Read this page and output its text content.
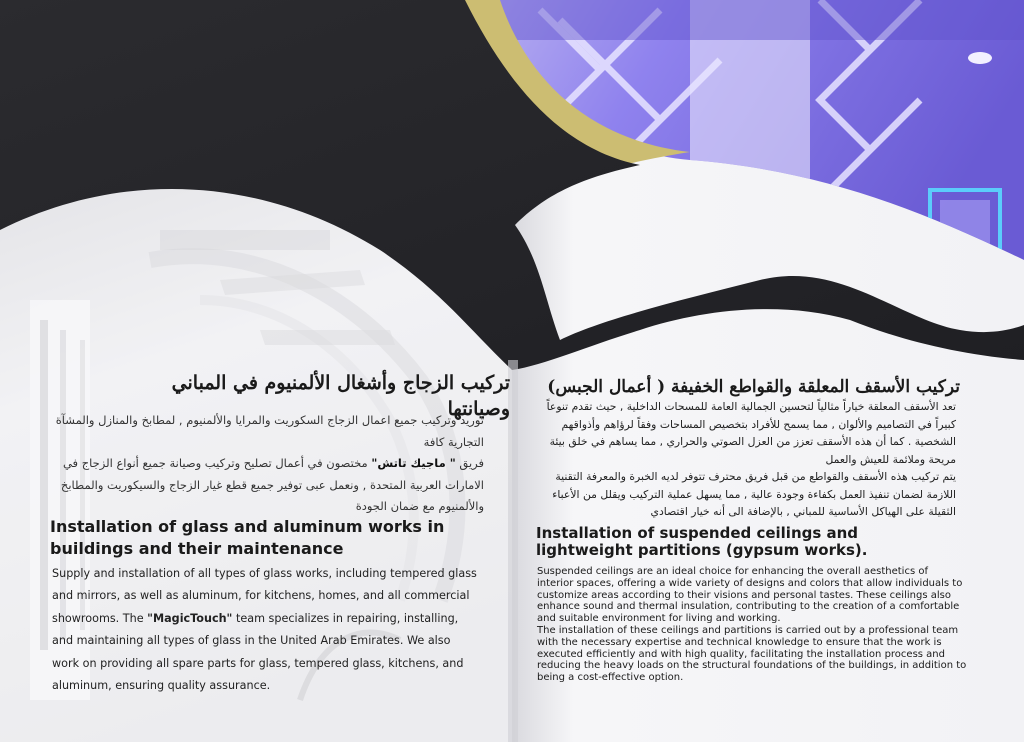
تركيب الزجاج وأشغال الألمنيوم في المباني وصيانتها

توريد وتركيب جميع اعمال الزجاج السكوريت والمرايا والألمنيوم , لمطابخ والمنازل والمشآة التجارية كافة

فريق " ماجيك تاتش" مختصون في أعمال تصليح وتركيب وصيانة جميع أنواع الزجاج في الامارات العربية المتحدة , ونعمل عبى توفير جميع قطع غيار الزجاج والسيكوريت والمطابخ والألمنيوم مع ضمان الجودة

Installation of glass and aluminum works in buildings and their maintenance

Supply and installation of all types of glass works, including tempered glass and mirrors, as well as aluminum, for kitchens, homes, and all commercial showrooms. The "MagicTouch" team specializes in repairing, installing, and maintaining all types of glass in the United Arab Emirates. We also work on providing all spare parts for glass, tempered glass, kitchens, and aluminum, ensuring quality assurance.

تركيب الأسقف المعلقة والقواطع الخفيفة ( أعمال الجبس)

تعد الأسقف المعلقة خياراً مثالياً لتحسين الجمالية العامة للمسحات الداخلية , حيث تقدم تنوعاً كبيراً في التصاميم والألوان , مما يسمح للأفراد بتخصيص المساحات وفقاً لرؤاهم وأذواقهم الشخصية . كما أن هذه الأسقف تعزز من العزل الصوتي والحراري , مما يساهم في خلق بيئة مريحة وملائمة للعيش والعمل

يتم تركيب هذه الأسقف والقواطع من قبل فريق محترف تتوفر لديه الخبرة والمعرفة التقنية اللازمة لضمان تنفيذ العمل بكفاءة وجودة عالية , مما يسهل عملية التركيب ويقلل من الأعباء الثقيلة على الهياكل الأساسية للمباني , بالإضافة الى أنه خيار اقتصادي

Installation of suspended ceilings and lightweight partitions (gypsum works).

Suspended ceilings are an ideal choice for enhancing the overall aesthetics of interior spaces, offering a wide variety of designs and colors that allow individuals to customize areas according to their visions and personal tastes. These ceilings also enhance sound and thermal insulation, contributing to the creation of a comfortable and suitable environment for living and working.

The installation of these ceilings and partitions is carried out by a professional team with the necessary expertise and technical knowledge to ensure that the work is executed efficiently and with high quality, facilitating the installation process and reducing the heavy loads on the structural foundations of the buildings, in addition to being a cost-effective option.
